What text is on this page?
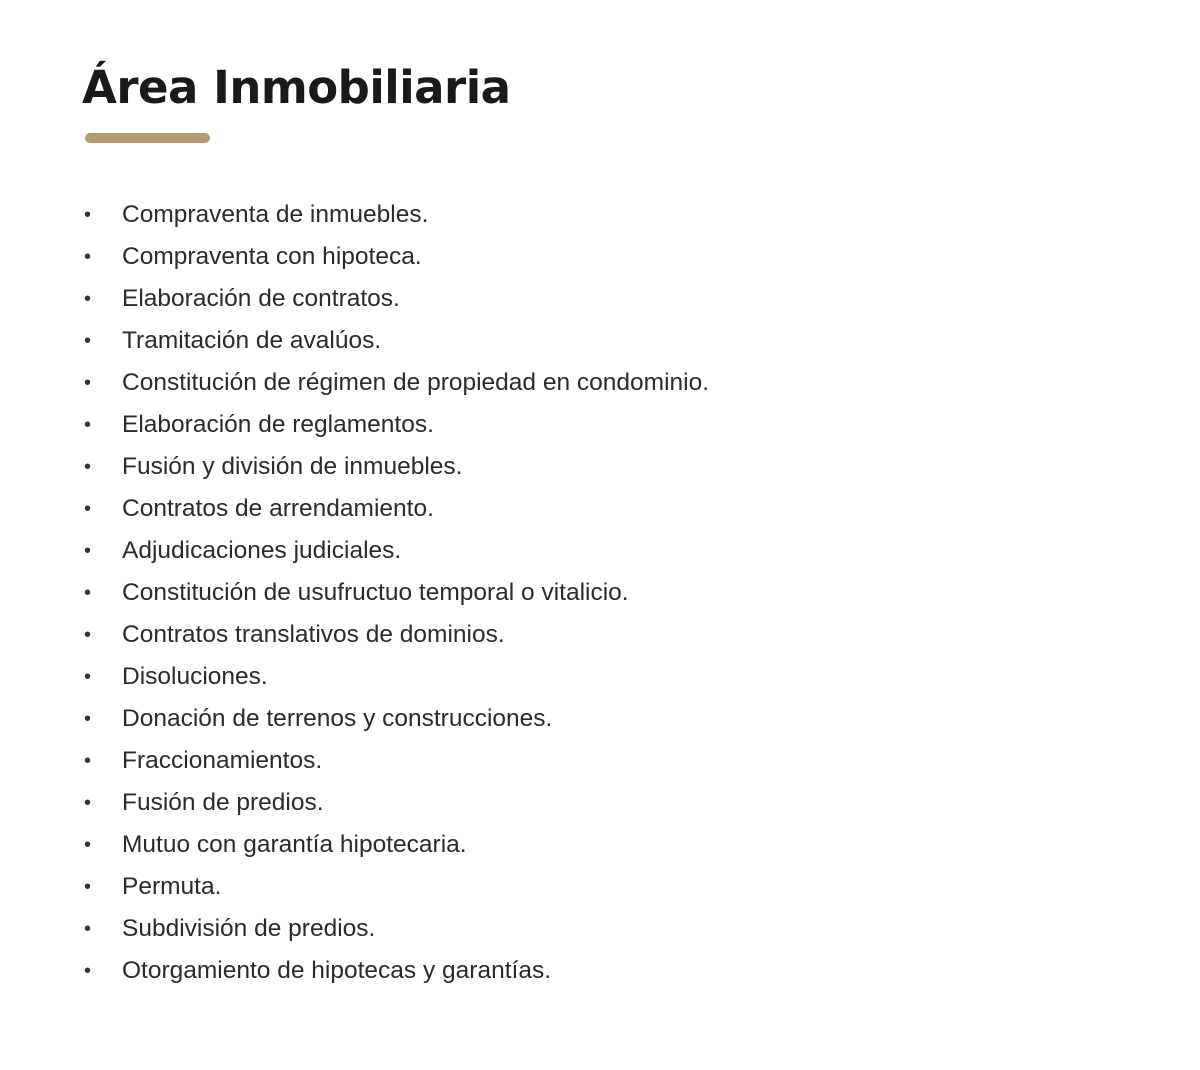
Área Inmobiliaria
• Compraventa de inmuebles.
• Compraventa con hipoteca.
• Elaboración de contratos.
• Tramitación de avalúos.
• Constitución de régimen de propiedad en condominio.
• Elaboración de reglamentos.
• Fusión y división de inmuebles.
• Contratos de arrendamiento.
• Adjudicaciones judiciales.
• Constitución de usufructuo temporal o vitalicio.
• Contratos translativos de dominios.
• Disoluciones.
• Donación de terrenos y construcciones.
• Fraccionamientos.
• Fusión de predios.
• Mutuo con garantía hipotecaria.
• Permuta.
• Subdivisión de predios.
• Otorgamiento de hipotecas y garantías.
